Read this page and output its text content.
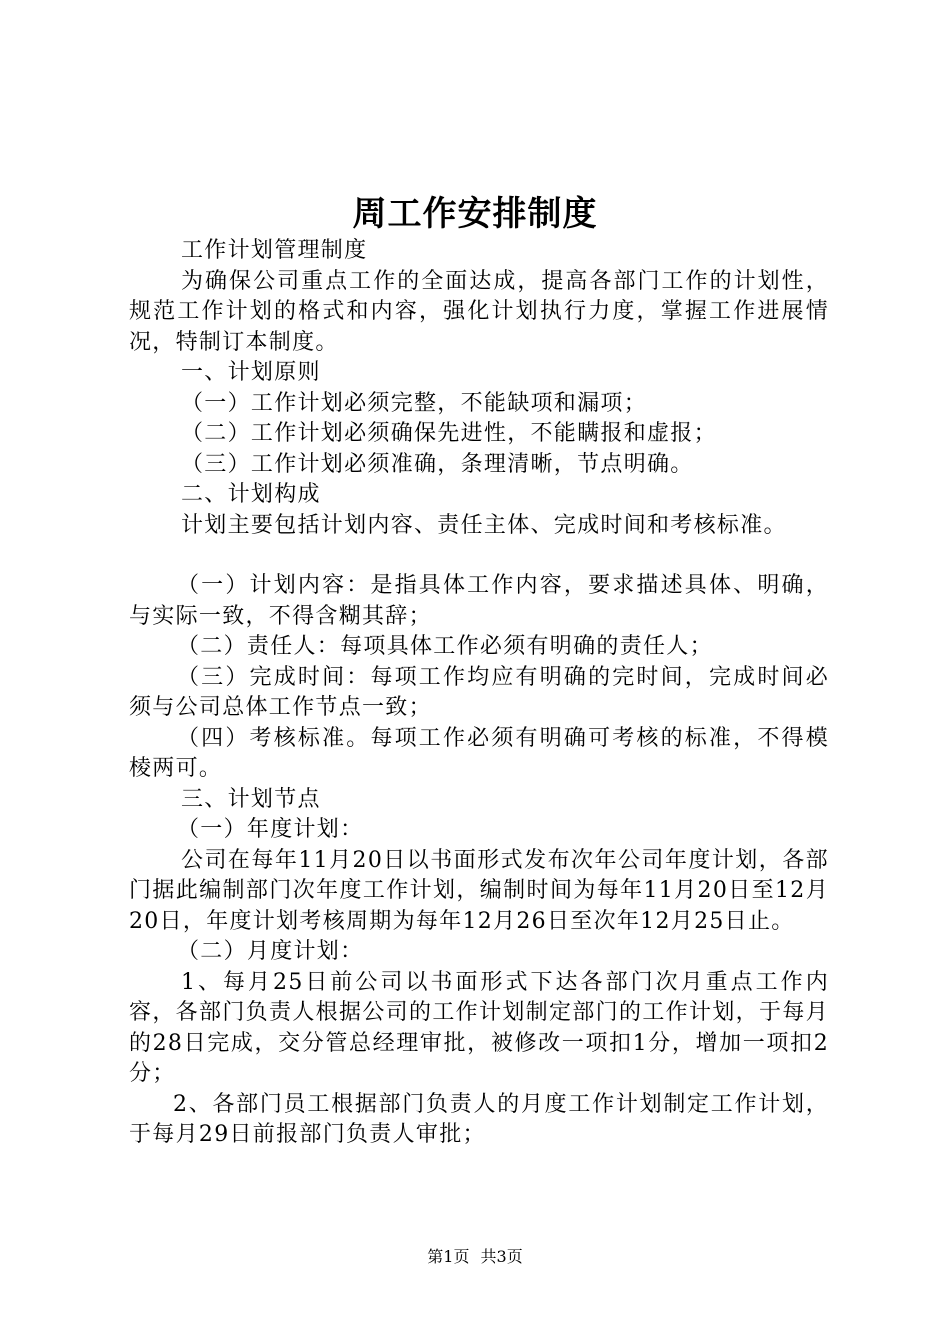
周工作安排制度

工作计划管理制度

为确保公司重点工作的全面达成，提高各部门工作的计划性，规范工作计划的格式和内容，强化计划执行力度，掌握工作进展情况，特制订本制度。

一、计划原则

（一）工作计划必须完整，不能缺项和漏项；

（二）工作计划必须确保先进性，不能瞒报和虚报；

（三）工作计划必须准确，条理清晰，节点明确。

二、计划构成

计划主要包括计划内容、责任主体、完成时间和考核标准。

（一）计划内容：是指具体工作内容，要求描述具体、明确，与实际一致，不得含糊其辞；

（二）责任人：每项具体工作必须有明确的责任人；

（三）完成时间：每项工作均应有明确的完时间，完成时间必须与公司总体工作节点一致；

（四）考核标准。每项工作必须有明确可考核的标准，不得模棱两可。

三、计划节点

（一）年度计划：

公司在每年11月20日以书面形式发布次年公司年度计划，各部门据此编制部门次年度工作计划，编制时间为每年11月20日至12月20日，年度计划考核周期为每年12月26日至次年12月25日止。

（二）月度计划：

1、每月25日前公司以书面形式下达各部门次月重点工作内容，各部门负责人根据公司的工作计划制定部门的工作计划，于每月的28日完成，交分管总经理审批，被修改一项扣1分，增加一项扣2分；

2、各部门员工根据部门负责人的月度工作计划制定工作计划，于每月29日前报部门负责人审批；

第1页 共3页
